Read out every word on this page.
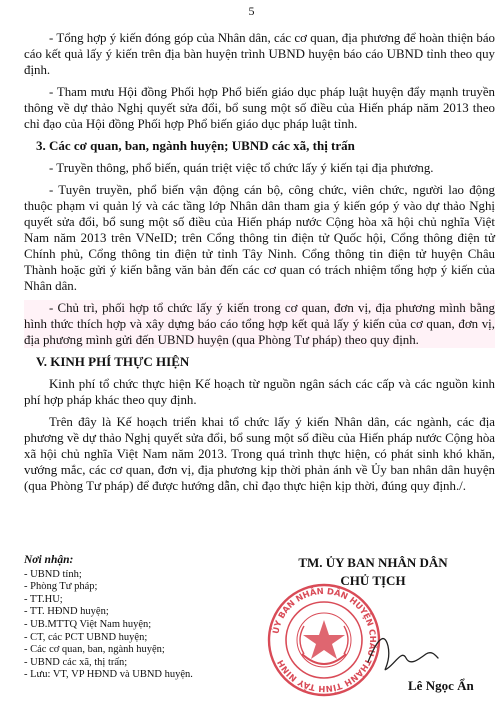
5

- Tổng hợp ý kiến đóng góp của Nhân dân, các cơ quan, địa phương để hoàn thiện báo cáo kết quả lấy ý kiến trên địa bàn huyện trình UBND huyện báo cáo UBND tỉnh theo quy định.

- Tham mưu Hội đồng Phối hợp Phổ biến giáo dục pháp luật huyện đẩy mạnh truyền thông về dự thảo Nghị quyết sửa đổi, bổ sung một số điều của Hiến pháp năm 2013 theo chỉ đạo của Hội đồng Phối hợp Phổ biến giáo dục pháp luật tỉnh.

3. Các cơ quan, ban, ngành huyện; UBND các xã, thị trấn

- Truyền thông, phổ biến, quán triệt việc tổ chức lấy ý kiến tại địa phương.

- Tuyên truyền, phổ biến vận động cán bộ, công chức, viên chức, người lao động thuộc phạm vi quản lý và các tầng lớp Nhân dân tham gia ý kiến góp ý vào dự thảo Nghị quyết sửa đổi, bổ sung một số điều của Hiến pháp nước Cộng hòa xã hội chủ nghĩa Việt Nam năm 2013 trên VNeID; trên Cổng thông tin điện tử Quốc hội, Cổng thông điện tử Chính phủ, Cổng thông tin điện tử tỉnh Tây Ninh. Cổng thông tin điện tử huyện Châu Thành hoặc gửi ý kiến bằng văn bản đến các cơ quan có trách nhiệm tổng hợp ý kiến của Nhân dân.

- Chủ trì, phối hợp tổ chức lấy ý kiến trong cơ quan, đơn vị, địa phương mình bằng hình thức thích hợp và xây dựng báo cáo tổng hợp kết quả lấy ý kiến của cơ quan, đơn vị, địa phương mình gửi đến UBND huyện (qua Phòng Tư pháp) theo quy định.

V. KINH PHÍ THỰC HIỆN

Kinh phí tổ chức thực hiện Kế hoạch từ nguồn ngân sách các cấp và các nguồn kinh phí hợp pháp khác theo quy định.

Trên đây là Kế hoạch triển khai tổ chức lấy ý kiến Nhân dân, các ngành, các địa phương về dự thảo Nghị quyết sửa đổi, bổ sung một số điều của Hiến pháp nước Cộng hòa xã hội chủ nghĩa Việt Nam năm 2013. Trong quá trình thực hiện, có phát sinh khó khăn, vướng mắc, các cơ quan, đơn vị, địa phương kịp thời phản ánh về Ủy ban nhân dân huyện (qua Phòng Tư pháp) để được hướng dẫn, chỉ đạo thực hiện kịp thời, đúng quy định./.

Nơi nhận:
- UBND tỉnh;
- Phòng Tư pháp;
- TT.HU;
- TT. HĐND huyện;
- UB.MTTQ Việt Nam huyện;
- CT, các PCT UBND huyện;
- Các cơ quan, ban, ngành huyện;
- UBND các xã, thị trấn;
- Lưu: VT, VP HĐND và UBND huyện.
TM. ỦY BAN NHÂN DÂN
CHỦ TỊCH
ỦY BAN NHÂN DÂN HUYỆN CHÂU THÀNH TỈNH TÂY NINH
Lê Ngọc Ẩn
